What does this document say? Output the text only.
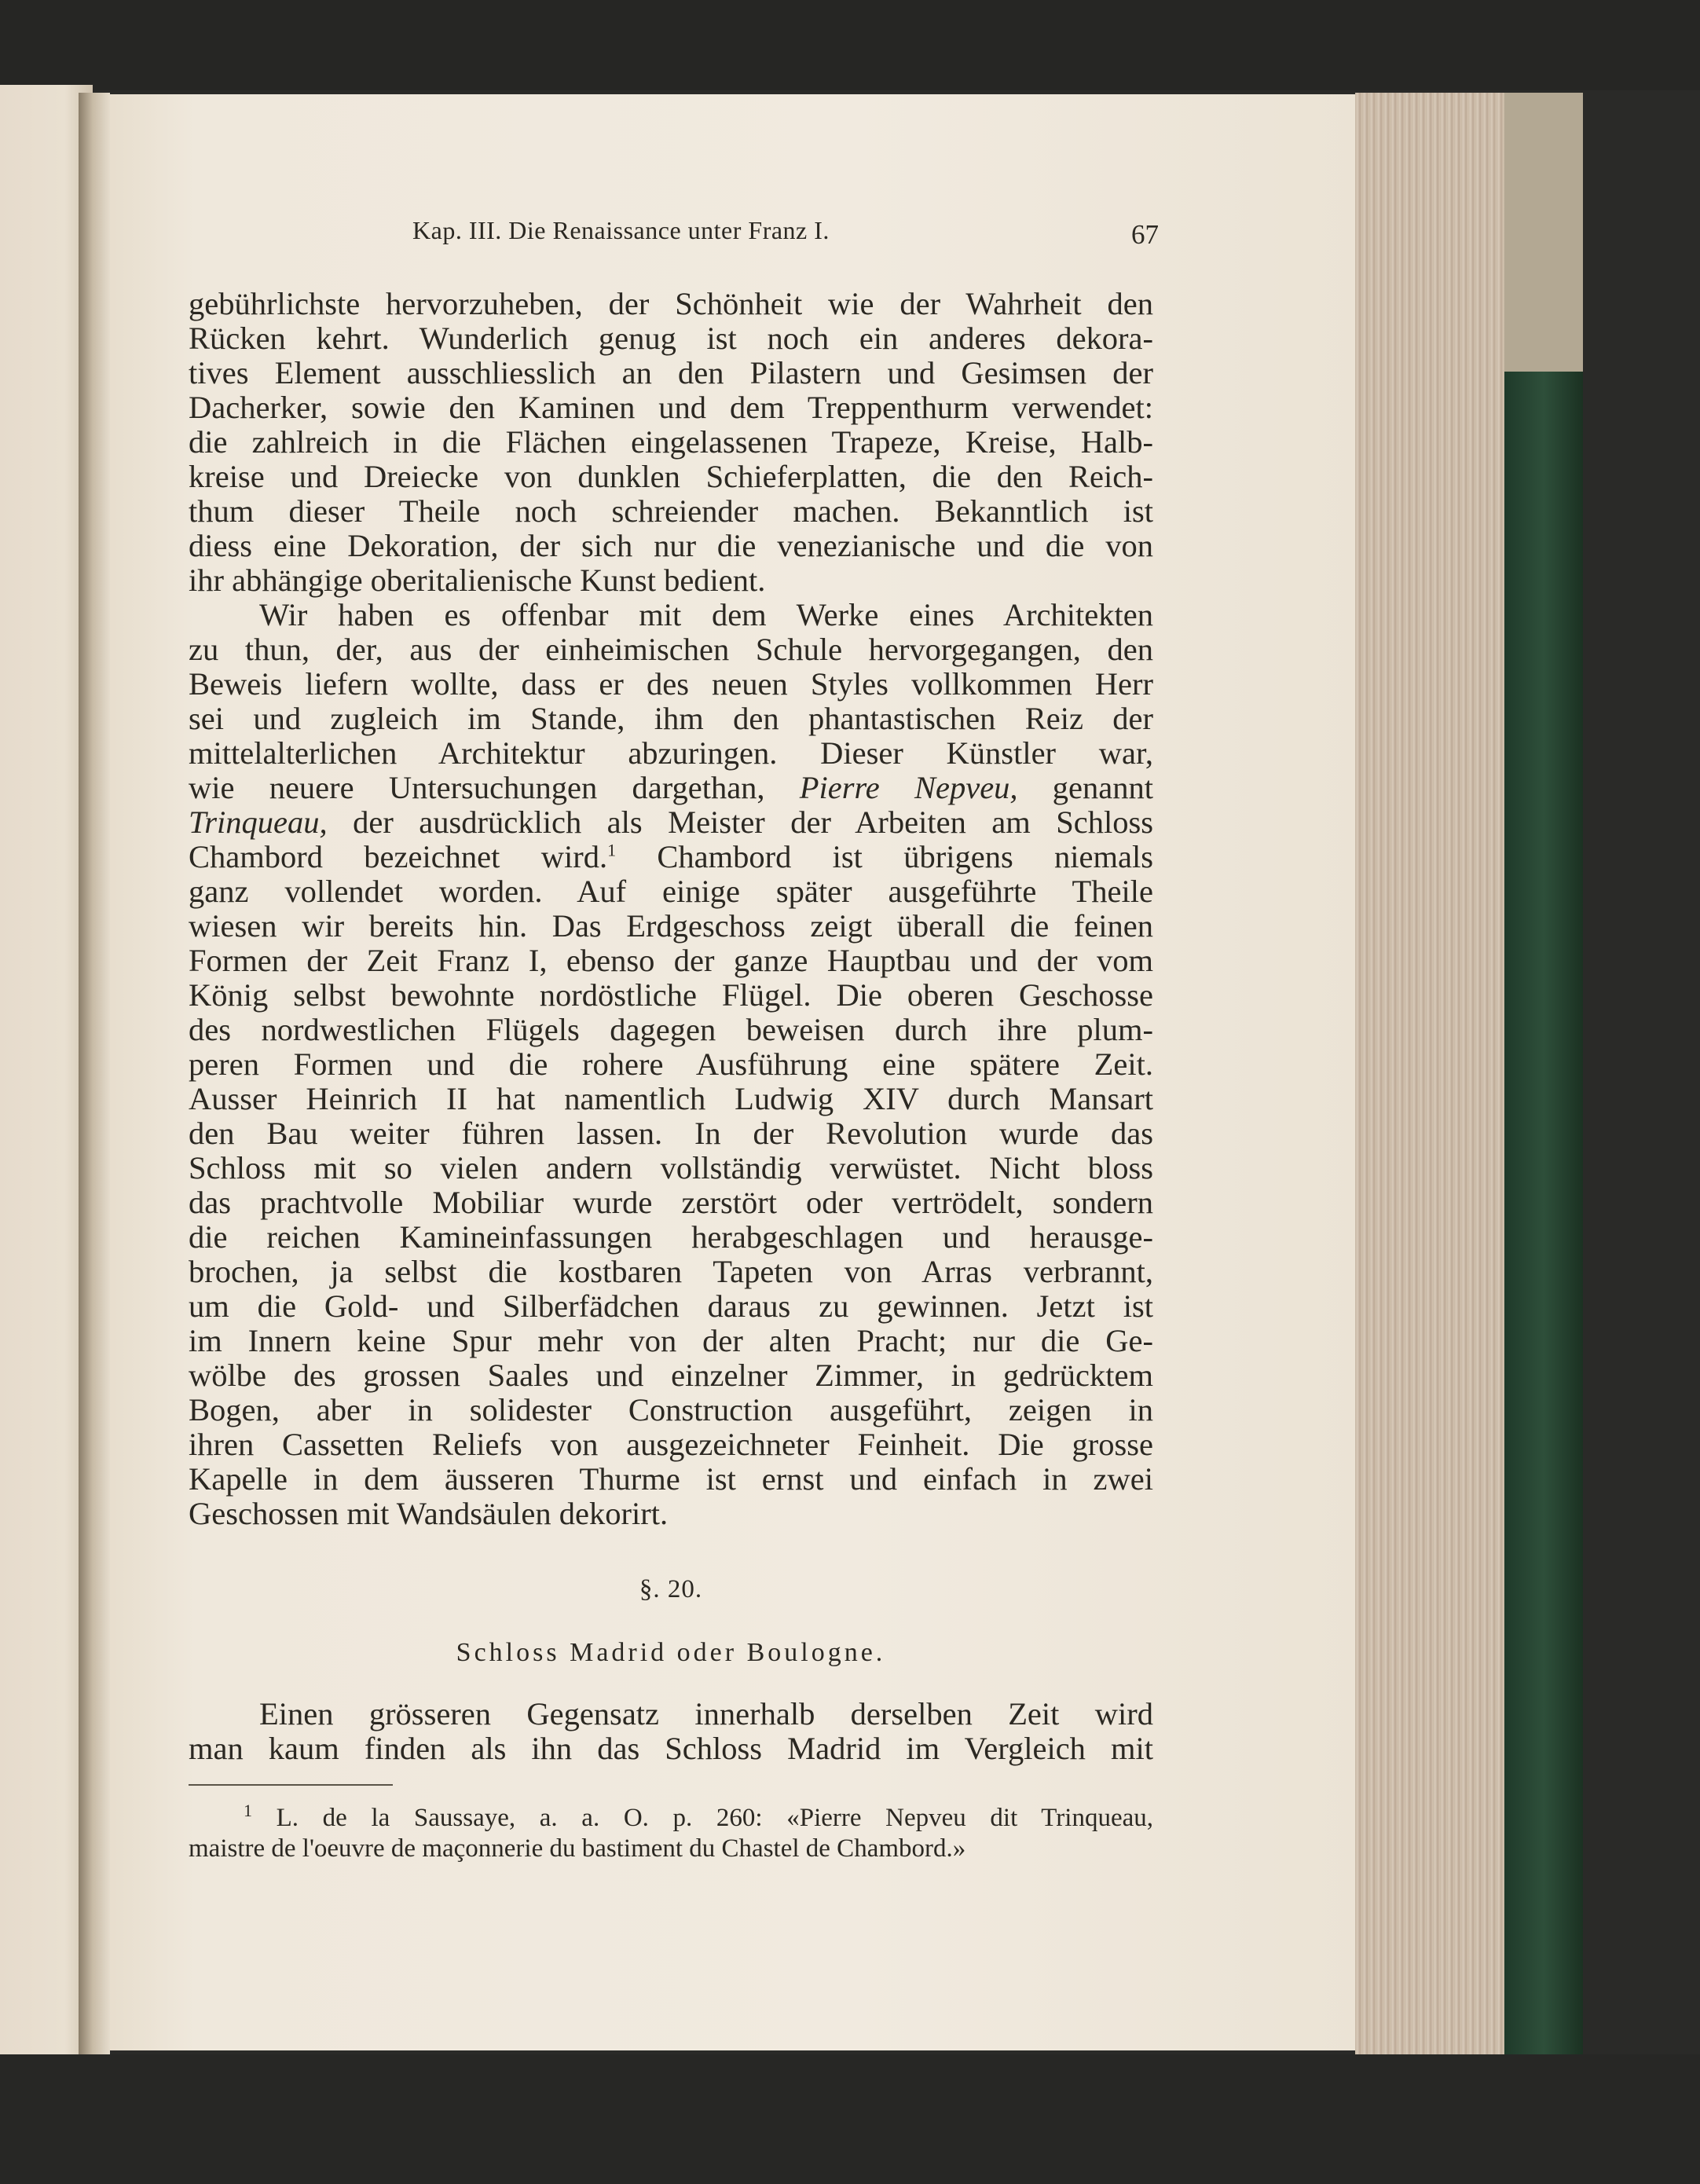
Kap. III. Die Renaissance unter Franz I.	67
gebührlichste hervorzuheben, der Schönheit wie der Wahrheit den
Rücken kehrt. Wunderlich genug ist noch ein anderes dekora-
tives Element ausschliesslich an den Pilastern und Gesimsen der
Dacherker, sowie den Kaminen und dem Treppenthurm verwendet:
die zahlreich in die Flächen eingelassenen Trapeze, Kreise, Halb-
kreise und Dreiecke von dunklen Schieferplatten, die den Reich-
thum dieser Theile noch schreiender machen. Bekanntlich ist
diess eine Dekoration, der sich nur die venezianische und die von
ihr abhängige oberitalienische Kunst bedient.
Wir haben es offenbar mit dem Werke eines Architekten
zu thun, der, aus der einheimischen Schule hervorgegangen, den
Beweis liefern wollte, dass er des neuen Styles vollkommen Herr
sei und zugleich im Stande, ihm den phantastischen Reiz der
mittelalterlichen Architektur abzuringen. Dieser Künstler war,
wie neuere Untersuchungen dargethan, Pierre Nepveu, genannt
Trinqueau, der ausdrücklich als Meister der Arbeiten am Schloss
Chambord bezeichnet wird.$^1$ Chambord ist übrigens niemals
ganz vollendet worden. Auf einige später ausgeführte Theile
wiesen wir bereits hin. Das Erdgeschoss zeigt überall die feinen
Formen der Zeit Franz I, ebenso der ganze Hauptbau und der vom
König selbst bewohnte nordöstliche Flügel. Die oberen Geschosse
des nordwestlichen Flügels dagegen beweisen durch ihre plum-
peren Formen und die rohere Ausführung eine spätere Zeit.
Ausser Heinrich II hat namentlich Ludwig XIV durch Mansart
den Bau weiter führen lassen. In der Revolution wurde das
Schloss mit so vielen andern vollständig verwüstet. Nicht bloss
das prachtvolle Mobiliar wurde zerstört oder vertrödelt, sondern
die reichen Kamineinfassungen herabgeschlagen und herausge-
brochen, ja selbst die kostbaren Tapeten von Arras verbrannt,
um die Gold- und Silberfädchen daraus zu gewinnen. Jetzt ist
im Innern keine Spur mehr von der alten Pracht; nur die Ge-
wölbe des grossen Saales und einzelner Zimmer, in gedrücktem
Bogen, aber in solidester Construction ausgeführt, zeigen in
ihren Cassetten Reliefs von ausgezeichneter Feinheit. Die grosse
Kapelle in dem äusseren Thurme ist ernst und einfach in zwei
Geschossen mit Wandsäulen dekorirt.
§. 20.
Schloss Madrid oder Boulogne.
Einen grösseren Gegensatz innerhalb derselben Zeit wird
man kaum finden als ihn das Schloss Madrid im Vergleich mit
$^1$ L. de la Saussaye, a. a. O. p. 260: «Pierre Nepveu dit Trinqueau,
maistre de l'oeuvre de maçonnerie du bastiment du Chastel de Chambord.»
